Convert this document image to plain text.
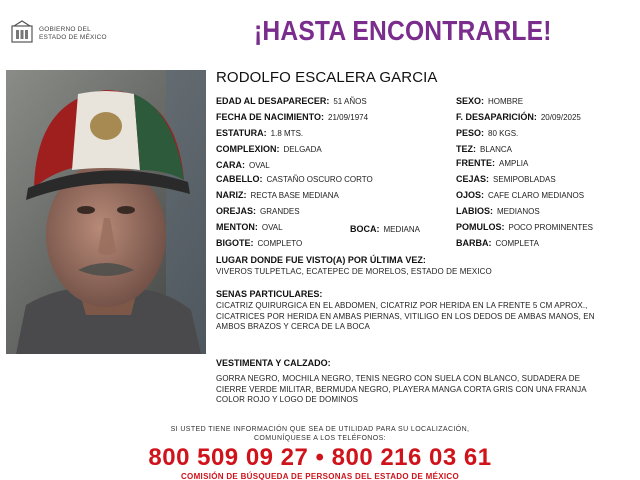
GOBIERNO DEL
ESTADO DE MÉXICO	¡HASTA ENCONTRARLE!
RODOLFO ESCALERA GARCIA
EDAD AL DESAPARECER: 51 AÑOS
FECHA DE NACIMIENTO: 21/09/1974
ESTATURA: 1.8 MTS.
COMPLEXION: DELGADA
CARA: OVAL
CABELLO: CASTAÑO OSCURO CORTO
NARIZ: RECTA BASE MEDIANA
OREJAS: GRANDES
MENTON: OVAL	BOCA: MEDIANA
BIGOTE: COMPLETO
SEXO: HOMBRE
F. DESAPARICIÓN: 20/09/2025
PESO: 80 KGS.
TEZ: BLANCA
FRENTE: AMPLIA
CEJAS: SEMIPOBLADAS
OJOS: CAFE CLARO MEDIANOS
LABIOS: MEDIANOS
POMULOS: POCO PROMINENTES
BARBA: COMPLETA
LUGAR DONDE FUE VISTO(A) POR ÚLTIMA VEZ:
VIVEROS TULPETLAC, ECATEPEC DE MORELOS, ESTADO DE MEXICO
SENAS PARTICULARES:
CICATRIZ QUIRURGICA EN EL ABDOMEN, CICATRIZ POR HERIDA EN LA FRENTE 5 CM APROX., CICATRICES POR HERIDA EN AMBAS PIERNAS, VITILIGO EN LOS DEDOS DE AMBAS MANOS, EN AMBOS BRAZOS Y CERCA DE LA BOCA
VESTIMENTA Y CALZADO:
GORRA NEGRO, MOCHILA NEGRO, TENIS NEGRO CON SUELA CON BLANCO, SUDADERA DE CIERRE VERDE MILITAR, BERMUDA NEGRO, PLAYERA MANGA CORTA GRIS CON UNA FRANJA COLOR ROJO Y LOGO DE DOMINOS
SI USTED TIENE INFORMACIÓN QUE SEA DE UTILIDAD PARA SU LOCALIZACIÓN,
COMUNÍQUESE A LOS TELÉFONOS:
800 509 09 27 • 800 216 03 61
COMISIÓN DE BÚSQUEDA DE PERSONAS DEL ESTADO DE MÉXICO
